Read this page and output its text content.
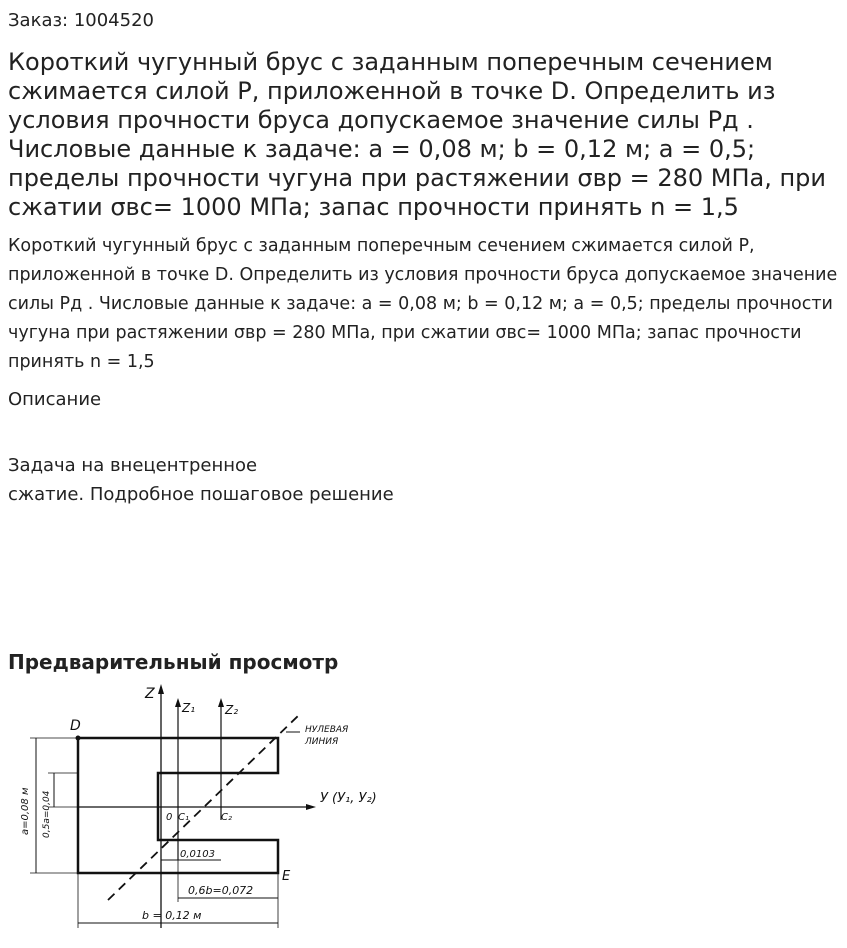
Заказ: 1004520
Короткий чугунный брус с заданным поперечным сечением сжимается силой Р, приложенной в точке D. Определить из условия прочности бруса допускаемое значение силы Рд . Числовые данные к задаче: а = 0,08 м; b = 0,12 м; а = 0,5; пределы прочности чугуна при растяжении σвр = 280 МПа, при сжатии σвс= 1000 МПа; запас прочности принять n = 1,5

Короткий чугунный брус с заданным поперечным сечением сжимается силой Р, приложенной в точке D. Определить из условия прочности бруса допускаемое значение силы Рд . Числовые данные к задаче: а = 0,08 м; b = 0,12 м; а = 0,5; пределы прочности чугуна при растяжении σвр = 280 МПа, при сжатии σвс= 1000 МПа; запас прочности принять n = 1,5

Описание
Задача на внецентренное
сжатие. Подробное пошаговое решение
Предварительный просмотр
Z
Z₁ Z₂
D
E
У (У₁, У₂)
НУЛЕВАЯ
ЛИНИЯ
0 C₁	C₂
a=0,08 м 0,5a=0,04
0,0103
0,6b=0,072
b = 0,12 м
